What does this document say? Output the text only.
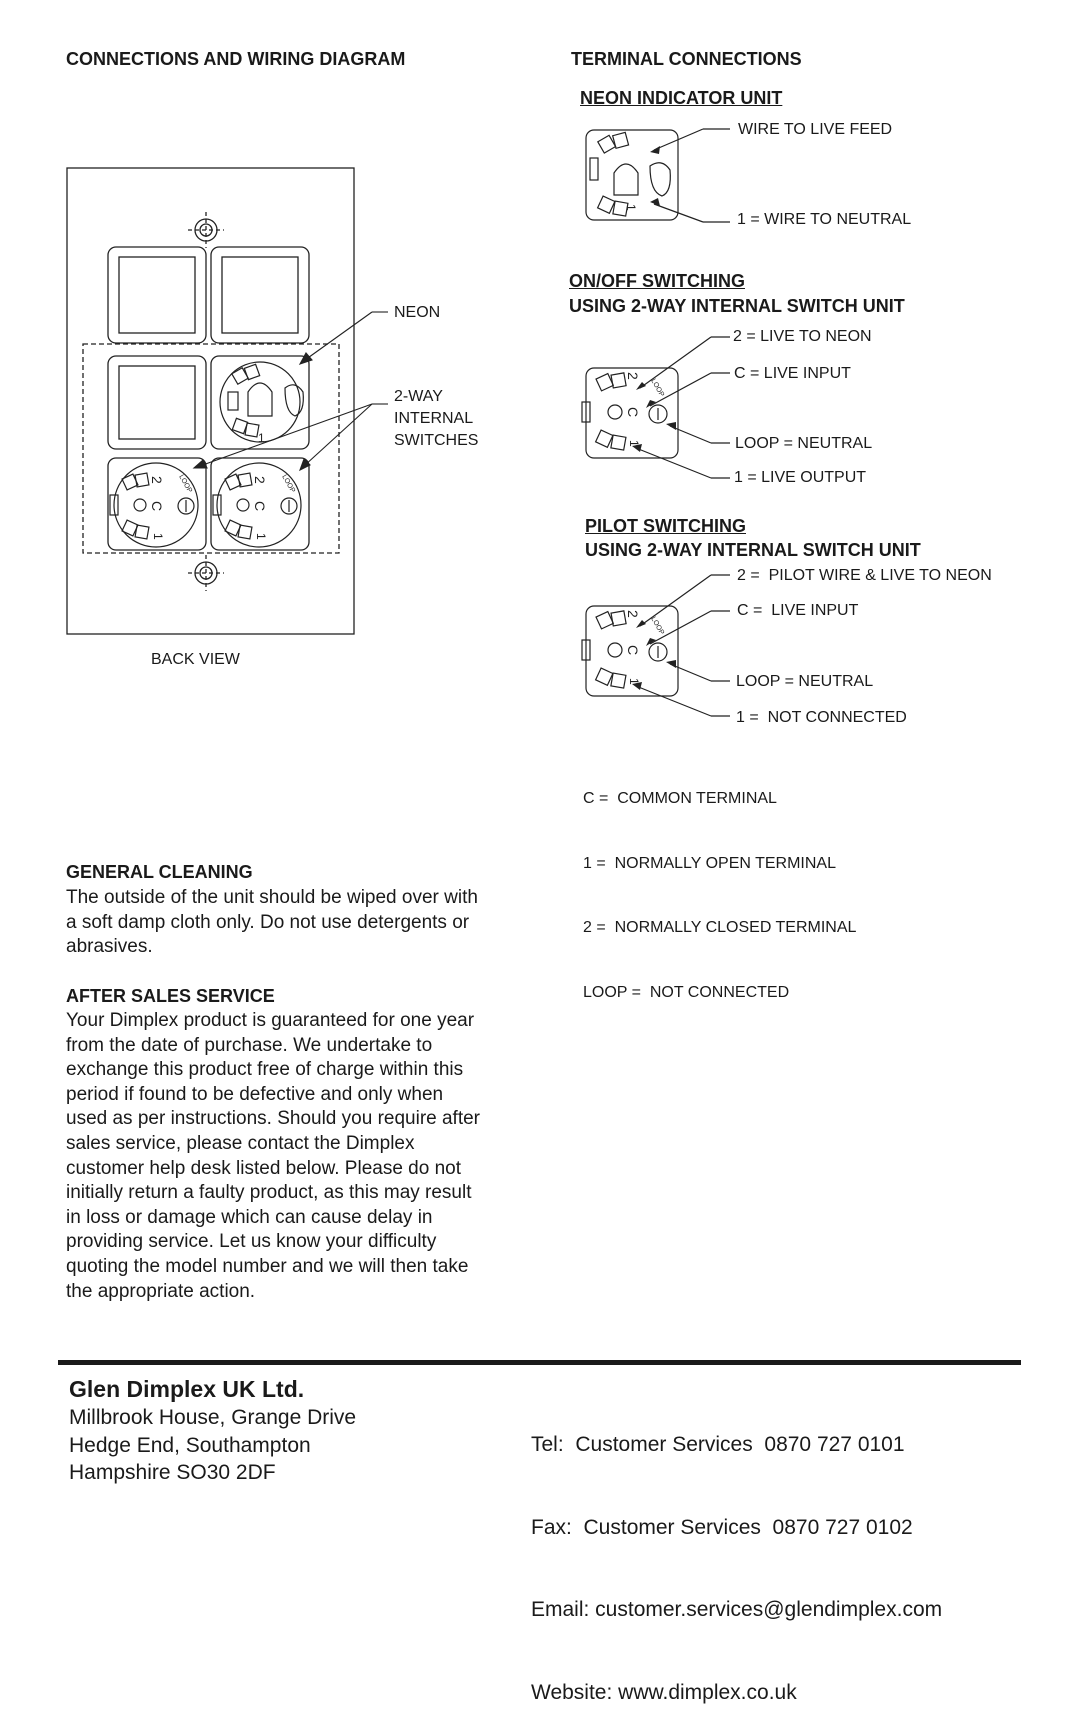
CONNECTIONS AND WIRING DIAGRAM
1
2
C
1
LOOP	2
C
1
LOOP
NEON
2-WAY
INTERNAL
SWITCHES
BACK VIEW
TERMINAL CONNECTIONS
NEON INDICATOR UNIT
1
WIRE TO LIVE FEED
1 = WIRE TO NEUTRAL
ON/OFF SWITCHING
USING 2-WAY INTERNAL SWITCH UNIT
2
C
1
LOOP
2 = LIVE TO NEON
C = LIVE INPUT
LOOP = NEUTRAL
1 = LIVE OUTPUT
PILOT SWITCHING
USING 2-WAY INTERNAL SWITCH UNIT
2
C
1
LOOP
2 =  PILOT WIRE & LIVE TO NEON
C =  LIVE INPUT
LOOP = NEUTRAL
1 =  NOT CONNECTED

C =  COMMON TERMINAL

1 =  NORMALLY OPEN TERMINAL

2 =  NORMALLY CLOSED TERMINAL

LOOP =  NOT CONNECTED

GENERAL CLEANING
The outside of the unit should be wiped over with
a soft damp cloth only. Do not use detergents or
abrasives.
AFTER SALES SERVICE
Your Dimplex product is guaranteed for one year
from the date of purchase. We undertake to
exchange this product free of charge within this
period if found to be defective and only when
used as per instructions. Should you require after
sales service, please contact the Dimplex
customer help desk listed below. Please do not
initially return a faulty product, as this may result
in loss or damage which can cause delay in
providing service. Let us know your difficulty
quoting the model number and we will then take
the appropriate action.
Glen Dimplex UK Ltd.
Millbrook House, Grange Drive
Hedge End, Southampton
Hampshire SO30 2DF

Tel:  Customer Services  0870 727 0101

Fax:  Customer Services  0870 727 0102

Email: customer.services@glendimplex.com

Website: www.dimplex.co.uk
